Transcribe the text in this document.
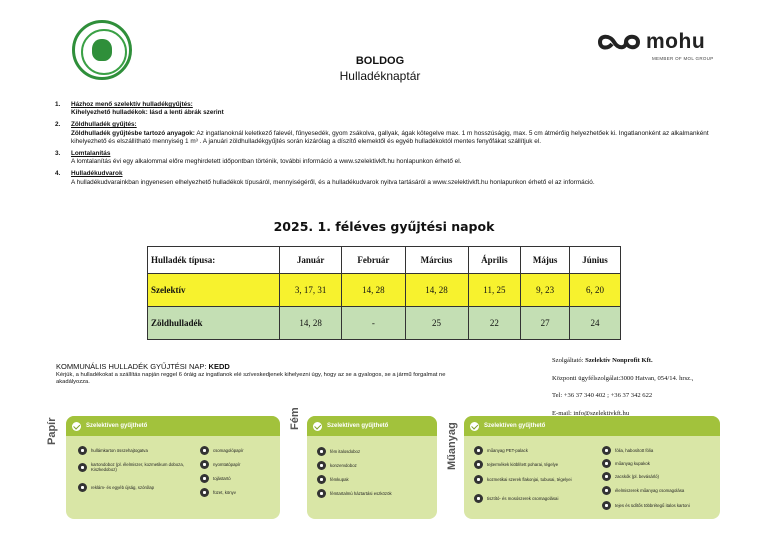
BOLDOG
Hulladéknaptár
mohu
MEMBER OF MOL GROUP
1. Házhoz menő szelektív hulladékgyűjtés:
Kihelyezhető hulladékok: lásd a lenti ábrák szerint
2. Zöldhulladék gyűjtés:
Zöldhulladék gyűjtésbe tartozó anyagok: Az ingatlanoknál keletkező falevél, fűnyesedék, gyom zsákolva, gallyak, ágak kötegelve max. 1 m hosszúságig, max. 5 cm átmérőig helyezhetőek ki. Ingatlanonként az alkalmanként kihelyezhető és elszállítható mennyiség 1 m³ . A januári zöldhulladékgyűjtés során kizárólag a díszítő elemektől és egyéb hulladékoktól mentes fenyőfákat szállítjuk el.
3. Lomtalanítás
A lomtalanítás évi egy alkalommal előre meghirdetett időpontban történik, további információ a www.szelektivkft.hu honlapunkon érhető el.
4. Hulladékudvarok
A hulladékudvarainkban ingyenesen elhelyezhető hulladékok típusáról, mennyiségéről, és a hulladékudvarok nyitva tartásáról a www.szelektivkft.hu honlapunkon érhető el az információ.
2025. 1. féléves gyűjtési napok
Hulladék típusa:	Január	Február	Március	Április	Május	Június
Szelektív	3, 17, 31	14, 28	14, 28	11, 25	9, 23	6, 20
Zöldhulladék	14, 28	-	25	22	27	24
KOMMUNÁLIS HULLADÉK GYŰJTÉSI NAP: KEDD
Kérjük, a hulladékokat a szállítás napján reggel 6 óráig az ingatlanok elé szíveskedjenek kihelyezni úgy, hogy az se a gyalogos, se a jármű forgalmat ne akadályozza.
Szolgáltató: Szelektív Nonprofit Kft.
Központi ügyfélszolgálat:3000 Hatvan, 054/14. hrsz.,
Tel: +36 37 340 402 ; +36 37 342 622
E-mail: info@szelektivkft.hu
Papír	Szelektíven gyűjthető
hullámkarton összehajtogatva
kartondoboz (pl. élelmiszer, kozmetikum doboza, Kiszkedoboz)
reklám- és egyéb újság, szórólap
csomagolópapír
nyomtatópapír
tojástartó
füzet, könyv
Fém	Szelektíven gyűjthető
fém italosdoboz
konzervdoboz
fémkupak
fémtartalmú háztartási eszközök
Műanyag	Szelektíven gyűjthető
műanyag PET-palack
tejtermékek kiöblített poharai, tégelye
kozmetikai szerek flakonjai, tubusai, tégelyei
tisztító- és mosószerek csomagolásai
fólia, habosított fólia
műanyag kupakok
zacskók (pl. bevásárló)
élelmiszerek műanyag csomagolása
tejes és üdítős többrétegű italos kartoni
